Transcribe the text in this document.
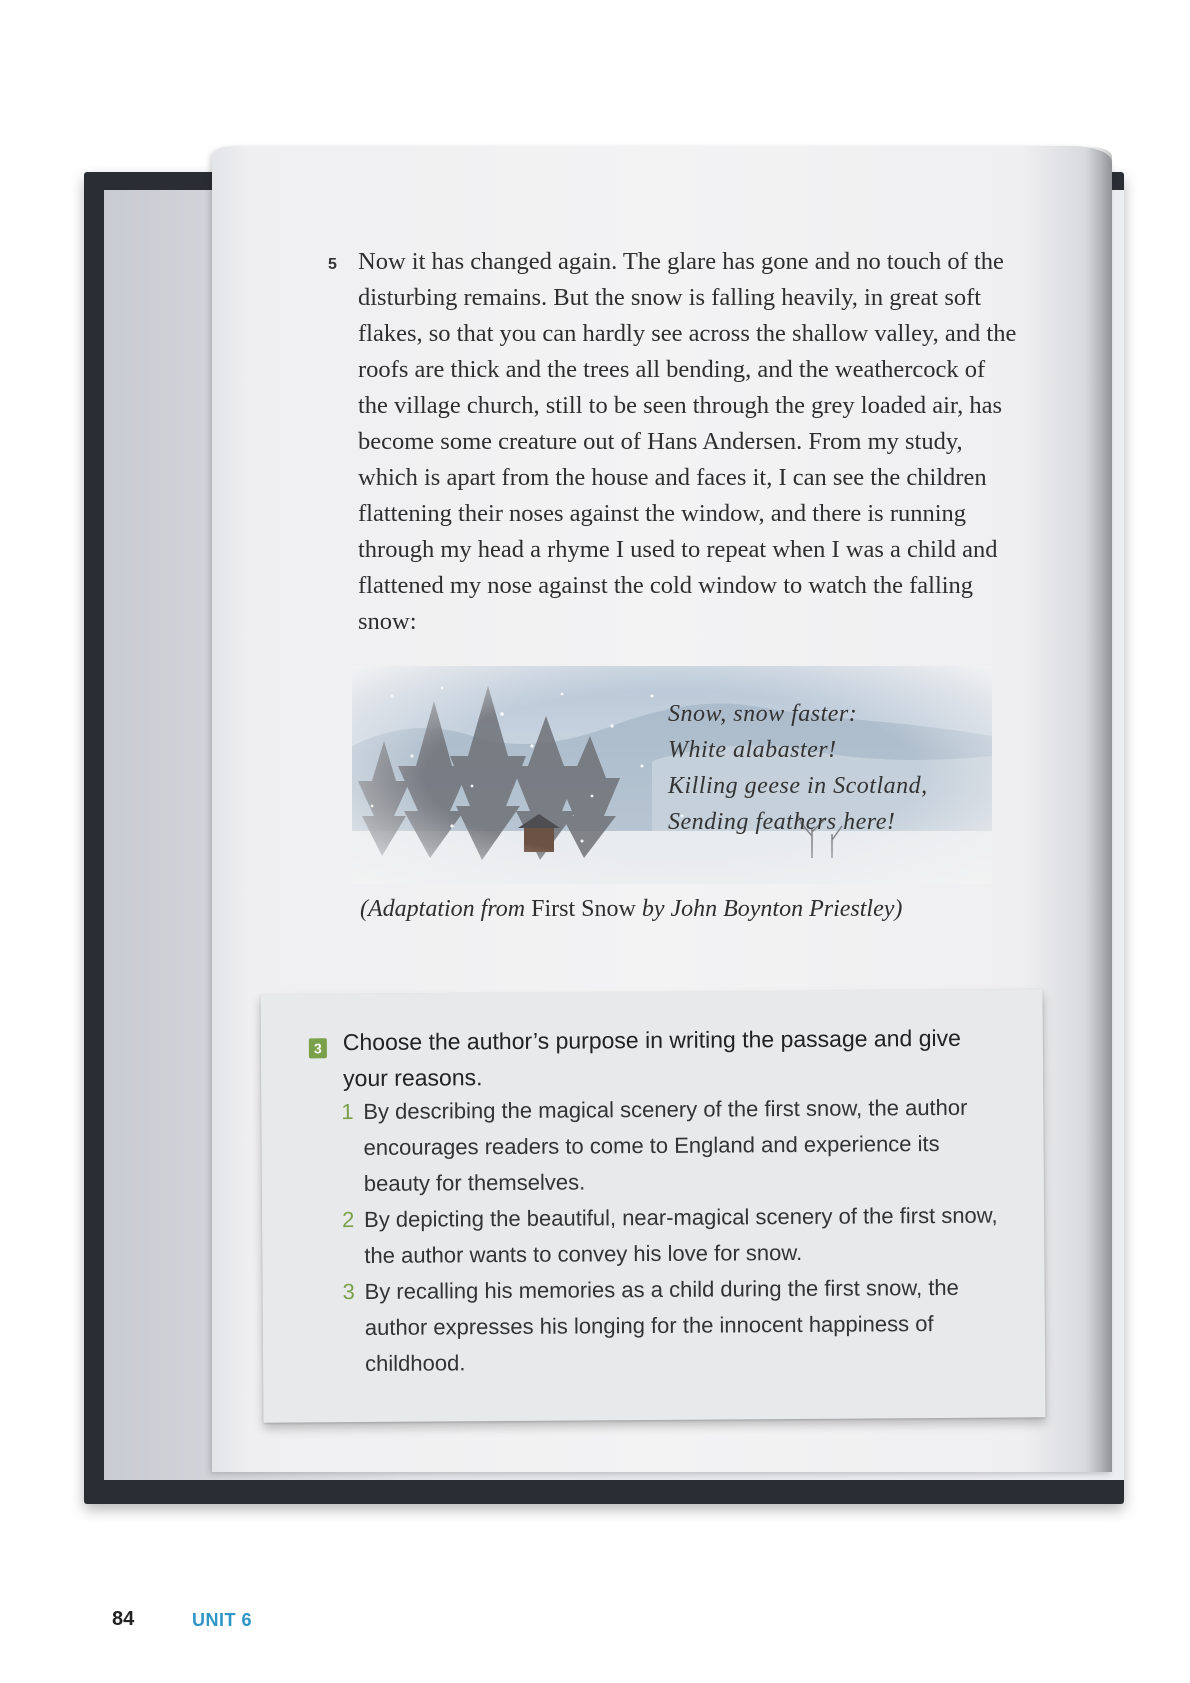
5 Now it has changed again. The glare has gone and no touch of the disturbing remains. But the snow is falling heavily, in great soft flakes, so that you can hardly see across the shallow valley, and the roofs are thick and the trees all bending, and the weathercock of the village church, still to be seen through the grey loaded air, has become some creature out of Hans Andersen. From my study, which is apart from the house and faces it, I can see the children flattening their noses against the window, and there is running through my head a rhyme I used to repeat when I was a child and flattened my nose against the cold window to watch the falling snow:

Snow, snow faster:
White alabaster!
Killing geese in Scotland,
Sending feathers here!
(Adaptation from First Snow by John Boynton Priestley)
3 Choose the author’s purpose in writing the passage and give your reasons.

1 By describing the magical scenery of the first snow, the author encourages readers to come to England and experience its beauty for themselves.
2 By depicting the beautiful, near-magical scenery of the first snow, the author wants to convey his love for snow.
3 By recalling his memories as a child during the first snow, the author expresses his longing for the innocent happiness of childhood.
84	UNIT 6
